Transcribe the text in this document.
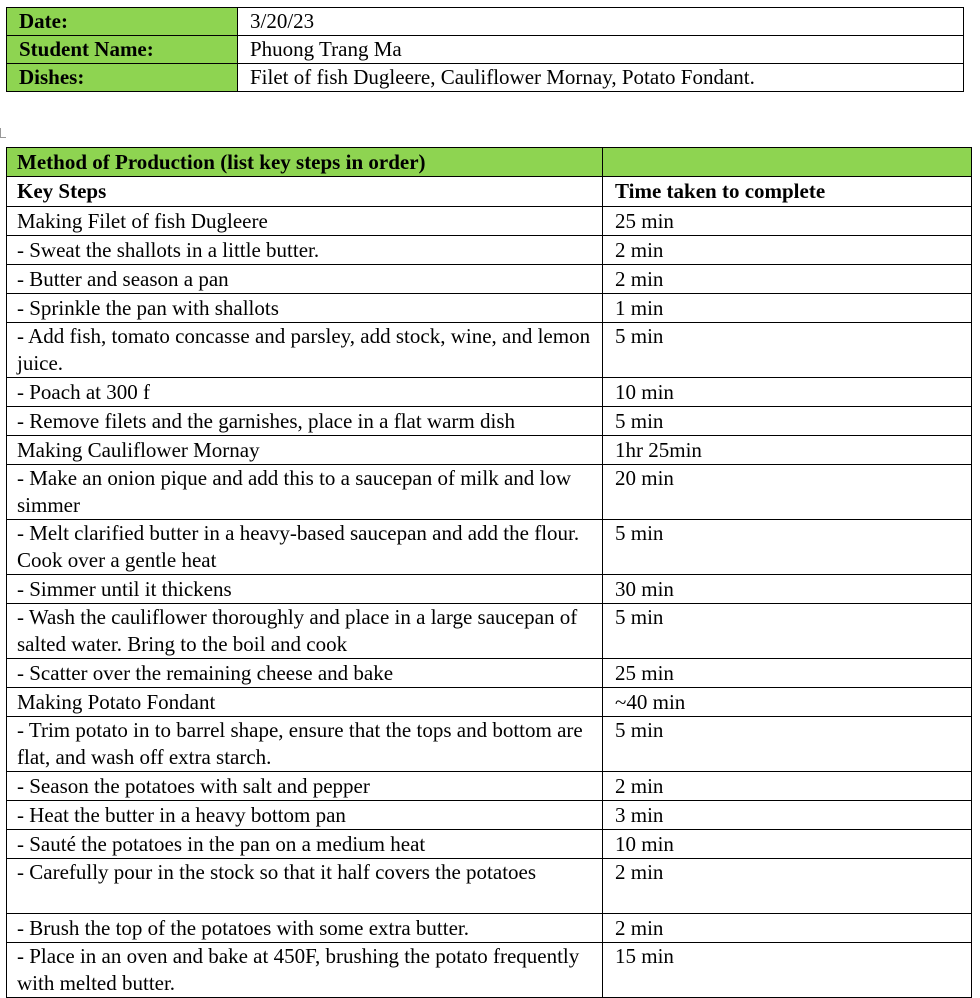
Date:	3/20/23
Student Name:	Phuong Trang Ma
Dishes:	Filet of fish Dugleere, Cauliflower Mornay, Potato Fondant.
Method of Production (list key steps in order)	
Key Steps	Time taken to complete
Making Filet of fish Dugleere	25 min
- Sweat the shallots in a little butter.	2 min
- Butter and season a pan	2 min
- Sprinkle the pan with shallots	1 min
- Add fish, tomato concasse and parsley, add stock, wine, and lemon juice.	5 min
- Poach at 300 f	10 min
- Remove filets and the garnishes, place in a flat warm dish	5 min
Making Cauliflower Mornay	1hr 25min
- Make an onion pique and add this to a saucepan of milk and low simmer	20 min
- Melt clarified butter in a heavy-based saucepan and add the flour. Cook over a gentle heat	5 min
- Simmer until it thickens	30 min
- Wash the cauliflower thoroughly and place in a large saucepan of salted water. Bring to the boil and cook	5 min
- Scatter over the remaining cheese and bake	25 min
Making Potato Fondant	~40 min
- Trim potato in to barrel shape, ensure that the tops and bottom are flat, and wash off extra starch.	5 min
- Season the potatoes with salt and pepper	2 min
- Heat the butter in a heavy bottom pan	3 min
- Sauté the potatoes in the pan on a medium heat	10 min
- Carefully pour in the stock so that it half covers the potatoes	2 min
- Brush the top of the potatoes with some extra butter.	2 min
- Place in an oven and bake at 450F, brushing the potato frequently with melted butter.	15 min
